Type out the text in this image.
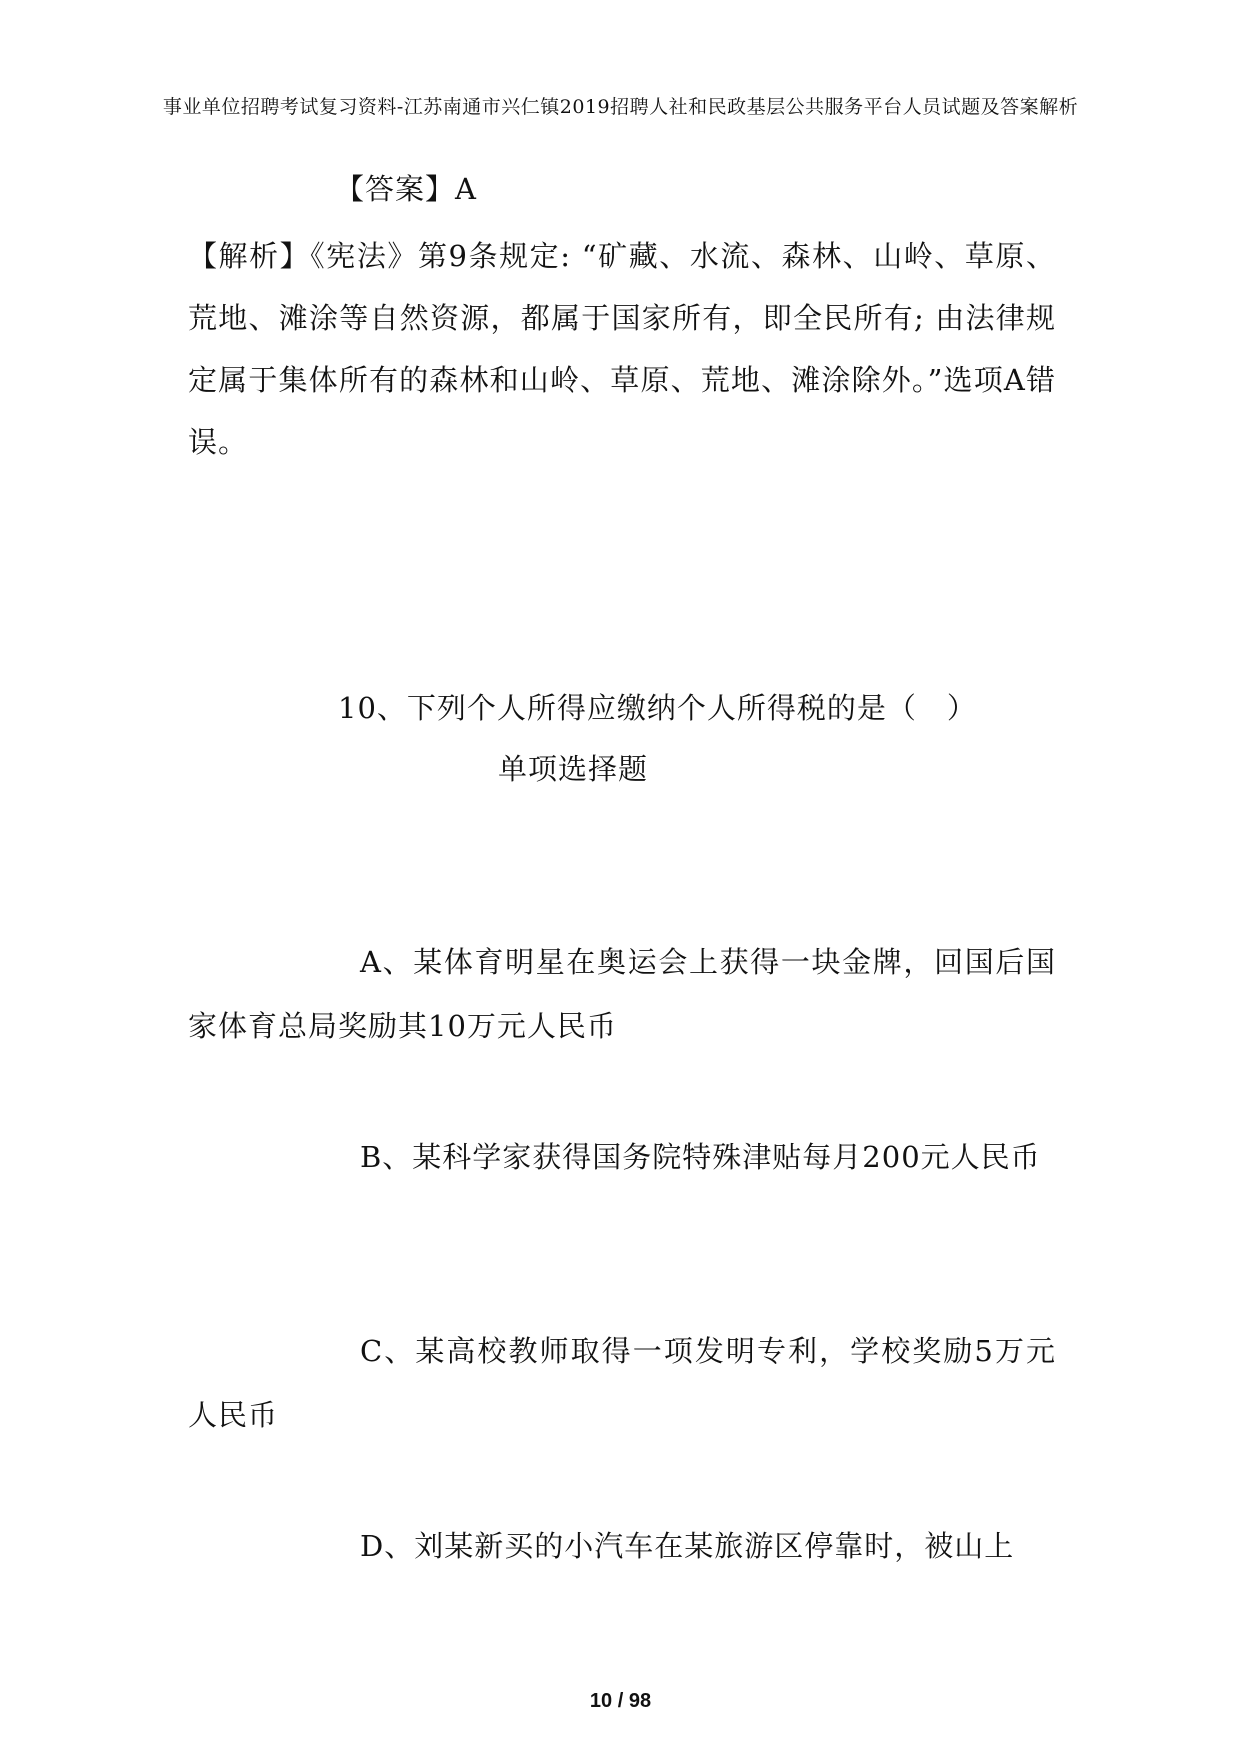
事业单位招聘考试复习资料-江苏南通市兴仁镇2019招聘人社和民政基层公共服务平台人员试题及答案解析
【答案】A
【解析】《宪法》第9条规定: “矿藏、水流、森林、山岭、草原、荒地、滩涂等自然资源，都属于国家所有，即全民所有; 由法律规定属于集体所有的森林和山岭、草原、荒地、滩涂除外。”选项A错误。
10、下列个人所得应缴纳个人所得税的是（　）
单项选择题
A、某体育明星在奥运会上获得一块金牌，回国后国家体育总局奖励其10万元人民币
B、某科学家获得国务院特殊津贴每月200元人民币
C、某高校教师取得一项发明专利，学校奖励5万元人民币
D、刘某新买的小汽车在某旅游区停靠时，被山上
10 / 98
